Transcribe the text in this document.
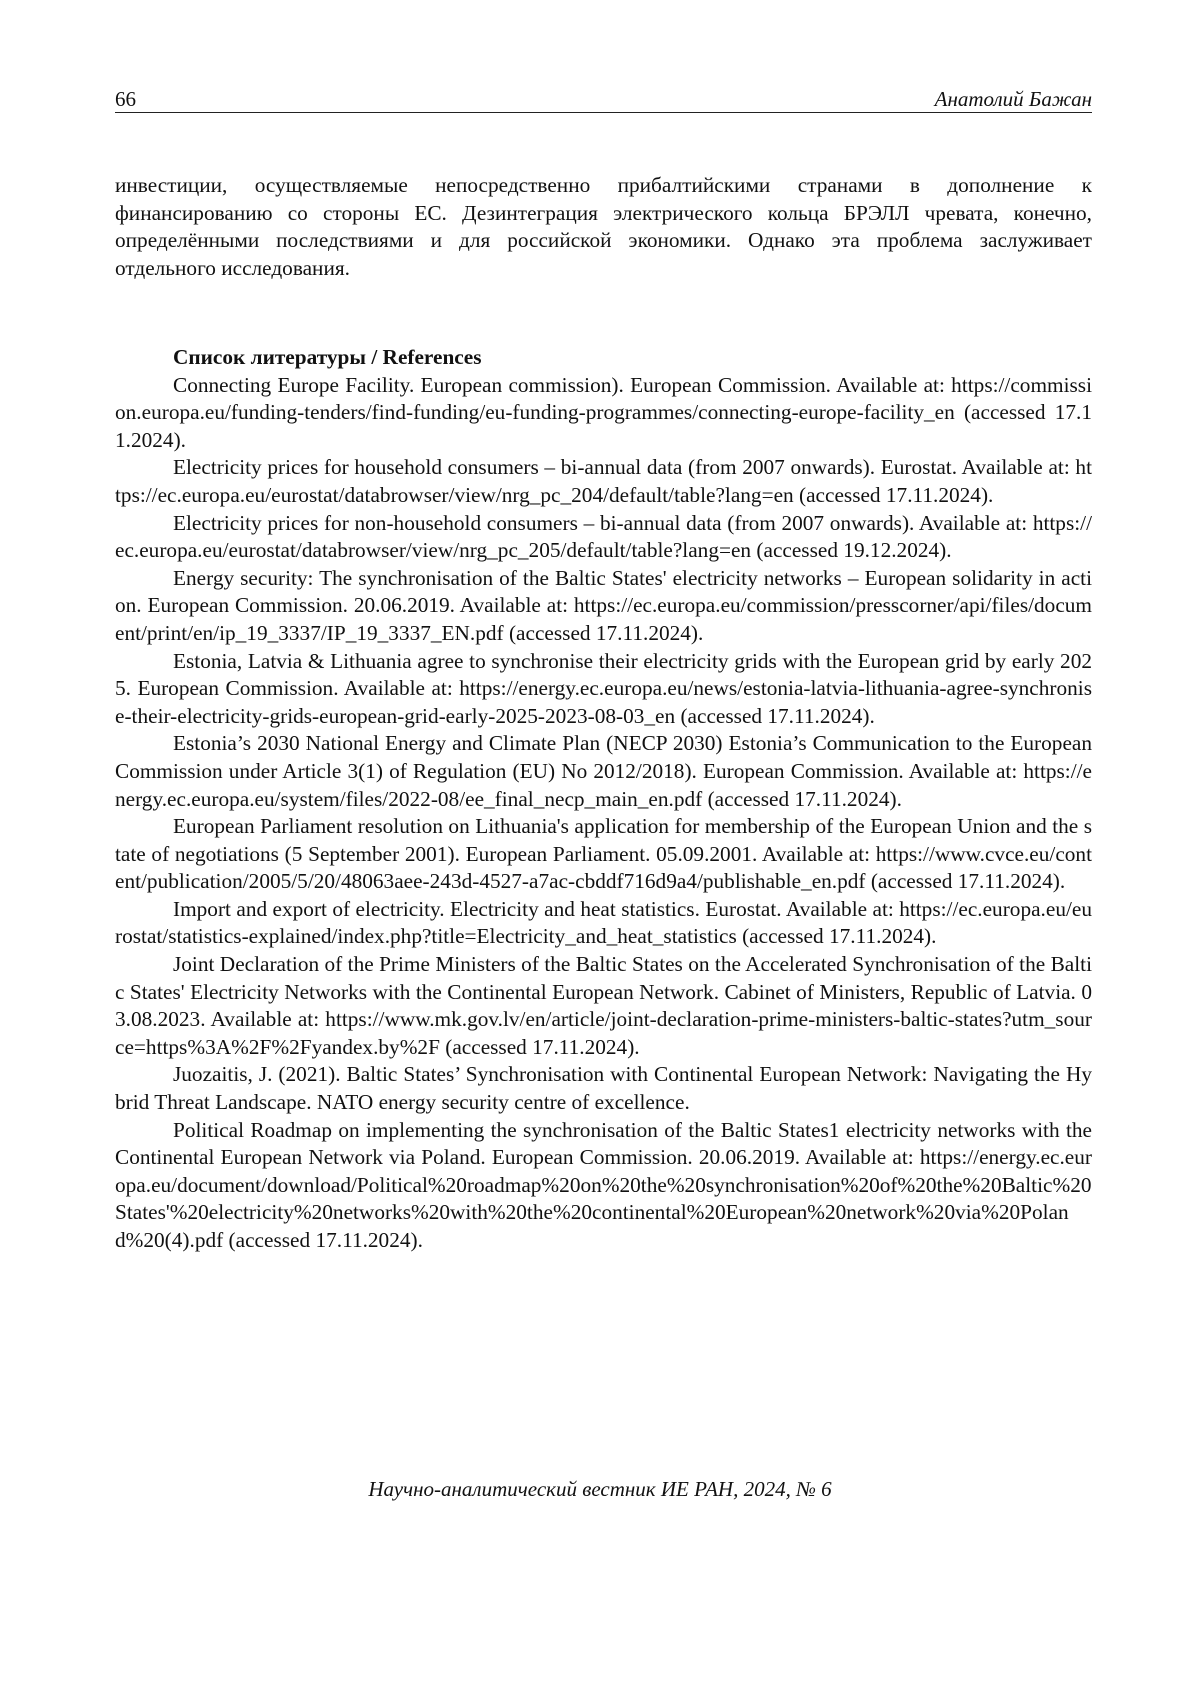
66	Анатолий Бажан

инвестиции, осуществляемые непосредственно прибалтийскими странами в дополнение к финансированию со стороны ЕС. Дезинтеграция электрического кольца БРЭЛЛ чревата, конечно, определёнными последствиями и для российской экономики. Однако эта проблема заслуживает отдельного исследования.

Список литературы / References

Connecting Europe Facility. European commission). European Commission. Available at: https://commission.europa.eu/funding-tenders/find-funding/eu-funding-programmes/connecting-europe-facility_en (accessed 17.11.2024).

Electricity prices for household consumers – bi-annual data (from 2007 onwards). Eurostat. Available at: https://ec.europa.eu/eurostat/databrowser/view/nrg_pc_204/default/table?lang=en (accessed 17.11.2024).

Electricity prices for non-household consumers – bi-annual data (from 2007 onwards). Available at: https://ec.europa.eu/eurostat/databrowser/view/nrg_pc_205/default/table?lang=en (accessed 19.12.2024).

Energy security: The synchronisation of the Baltic States' electricity networks – European solidarity in action. European Commission. 20.06.2019. Available at: https://ec.europa.eu/commission/presscorner/api/files/document/print/en/ip_19_3337/IP_19_3337_EN.pdf (accessed 17.11.2024).

Estonia, Latvia & Lithuania agree to synchronise their electricity grids with the European grid by early 2025. European Commission. Available at: https://energy.ec.europa.eu/news/estonia-latvia-lithuania-agree-synchronise-their-electricity-grids-european-grid-early-2025-2023-08-03_en (accessed 17.11.2024).

Estonia’s 2030 National Energy and Climate Plan (NECP 2030) Estonia’s Communication to the European Commission under Article 3(1) of Regulation (EU) No 2012/2018). European Commission. Available at: https://energy.ec.europa.eu/system/files/2022-08/ee_final_necp_main_en.pdf (accessed 17.11.2024).

European Parliament resolution on Lithuania's application for membership of the European Union and the state of negotiations (5 September 2001). European Parliament. 05.09.2001. Available at: https://www.cvce.eu/content/publication/2005/5/20/48063aee-243d-4527-a7ac-cbddf716d9a4/publishable_en.pdf (accessed 17.11.2024).

Import and export of electricity. Electricity and heat statistics. Eurostat. Available at: https://ec.europa.eu/eurostat/statistics-explained/index.php?title=Electricity_and_heat_statistics (accessed 17.11.2024).

Joint Declaration of the Prime Ministers of the Baltic States on the Accelerated Synchronisation of the Baltic States' Electricity Networks with the Continental European Network. Cabinet of Ministers, Republic of Latvia. 03.08.2023. Available at: https://www.mk.gov.lv/en/article/joint-declaration-prime-ministers-baltic-states?utm_source=https%3A%2F%2Fyandex.by%2F (accessed 17.11.2024).

Juozaitis, J. (2021). Baltic States’ Synchronisation with Continental European Network: Navigating the Hybrid Threat Landscape. NATO energy security centre of excellence.

Political Roadmap on implementing the synchronisation of the Baltic States1 electricity networks with the Continental European Network via Poland. European Commission. 20.06.2019. Available at: https://energy.ec.europa.eu/document/download/Political%20roadmap%20on%20the%20synchronisation%20of%20the%20Baltic%20States'%20electricity%20networks%20with%20the%20continental%20European%20network%20via%20Poland%20(4).pdf (accessed 17.11.2024).

Научно-аналитический вестник ИЕ РАН, 2024, № 6
